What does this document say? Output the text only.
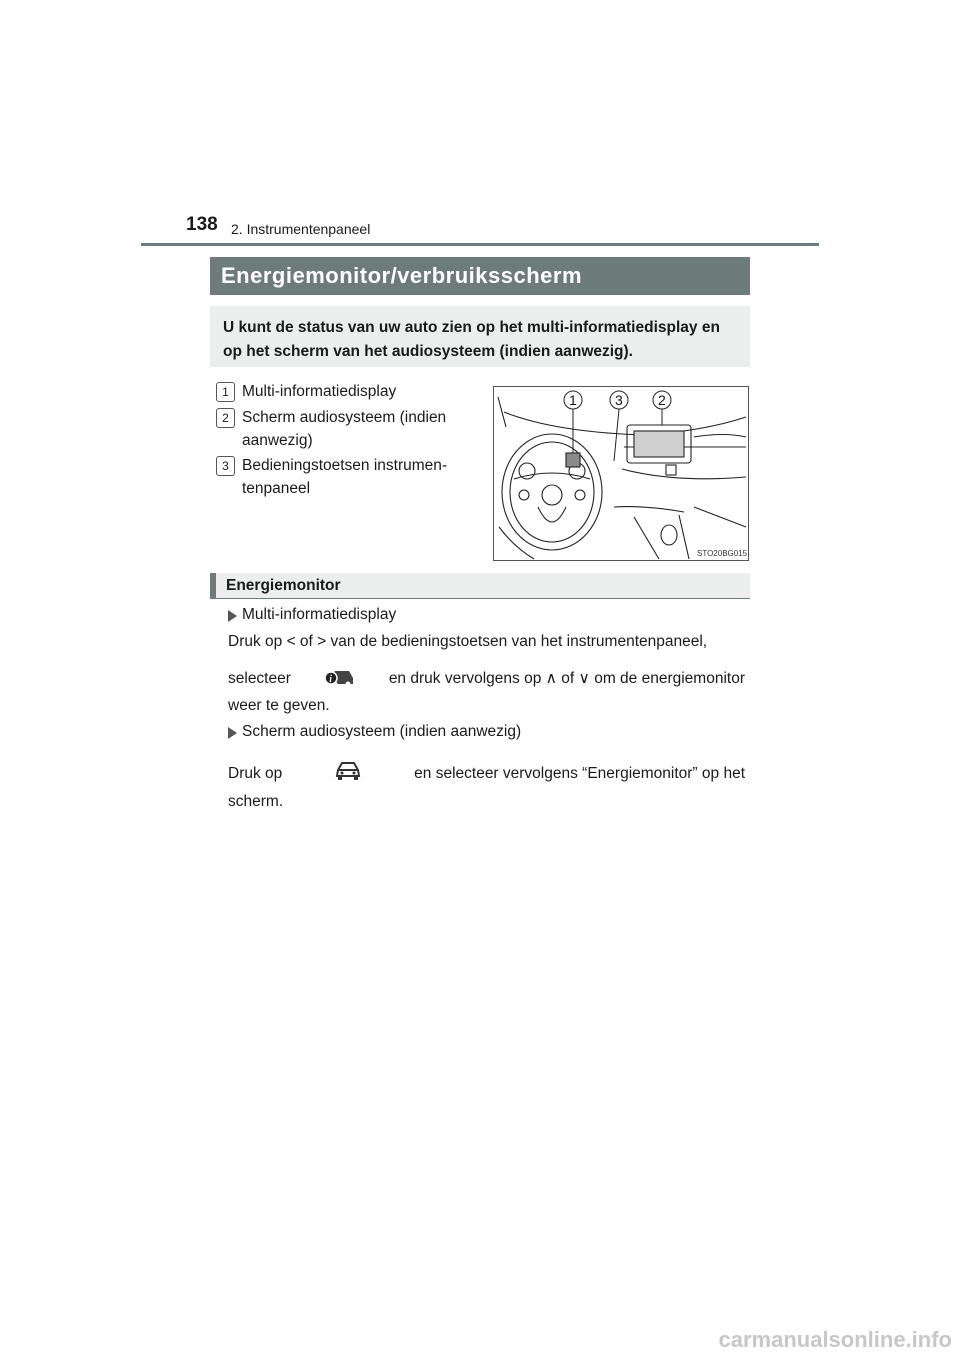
138 2. Instrumentenpaneel
Energiemonitor/verbruiksscherm
U kunt de status van uw auto zien op het multi-informatiedisplay en op het scherm van het audiosysteem (indien aanwezig).
1 Multi-informatiedisplay
2 Scherm audiosysteem (indien aanwezig)
3 Bedieningstoetsen instrumen-tenpaneel
1	3	2
STO20BG015
Energiemonitor
Multi-informatiedisplay
Druk op < of > van de bedieningstoetsen van het instrumentenpaneel,
selecteer	i	en druk vervolgens op ∧ of ∨ om de energiemonitor
weer te geven.
Scherm audiosysteem (indien aanwezig)
Druk op	en selecteer vervolgens “Energiemonitor” op het
scherm.
carmanualsonline.info
